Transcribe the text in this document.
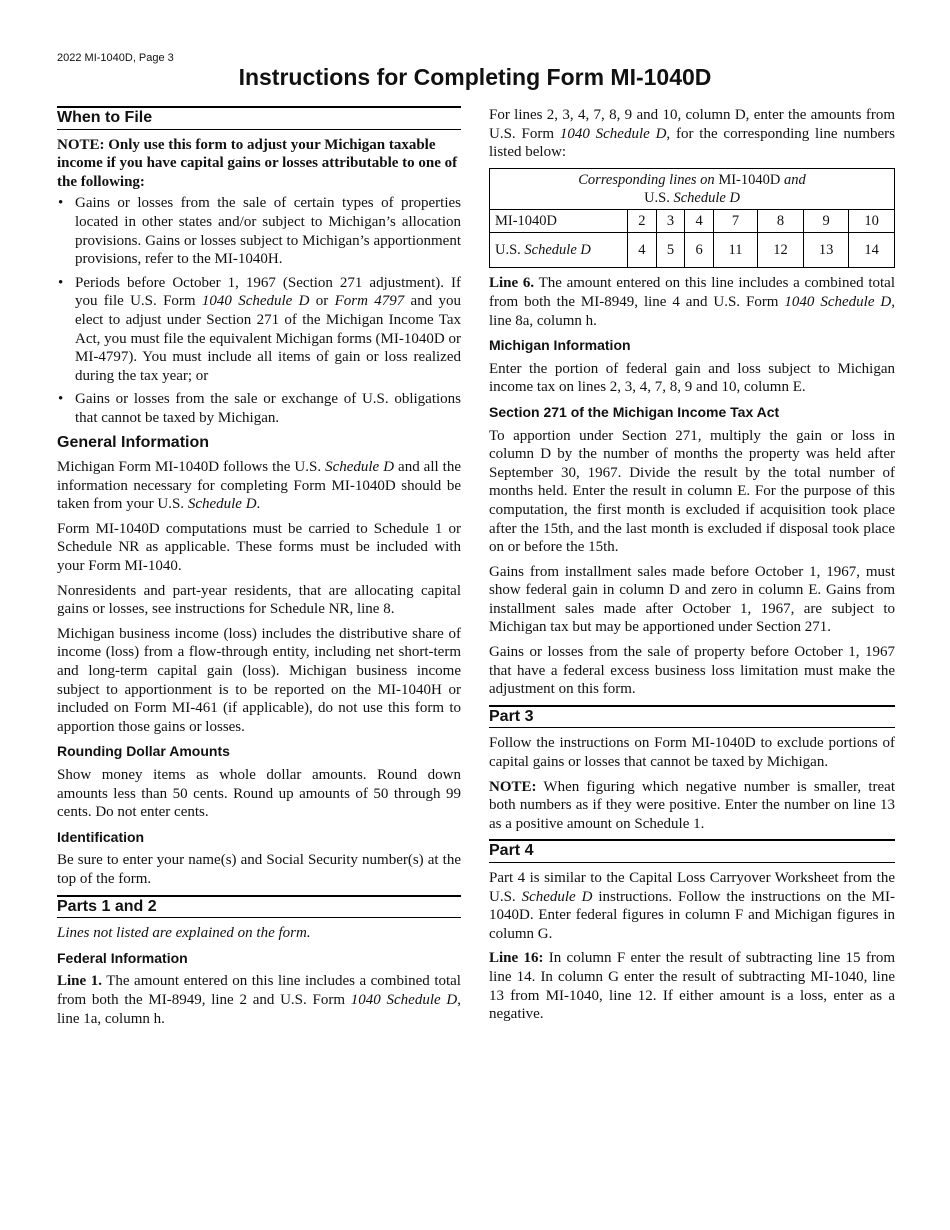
2022 MI-1040D, Page 3
Instructions for Completing Form MI-1040D
When to File

NOTE: Only use this form to adjust your Michigan taxable income if you have capital gains or losses attributable to one of the following:

• Gains or losses from the sale of certain types of properties located in other states and/or subject to Michigan’s allocation provisions. Gains or losses subject to Michigan’s apportionment provisions, refer to the MI-1040H.
• Periods before October 1, 1967 (Section 271 adjustment). If you file U.S. Form 1040 Schedule D or Form 4797 and you elect to adjust under Section 271 of the Michigan Income Tax Act, you must file the equivalent Michigan forms (MI-1040D or MI-4797). You must include all items of gain or loss realized during the tax year; or
• Gains or losses from the sale or exchange of U.S. obligations that cannot be taxed by Michigan.
General Information

Michigan Form MI-1040D follows the U.S. Schedule D and all the information necessary for completing Form MI-1040D should be taken from your U.S. Schedule D.

Form MI-1040D computations must be carried to Schedule 1 or Schedule NR as applicable. These forms must be included with your Form MI-1040.

Nonresidents and part-year residents, that are allocating capital gains or losses, see instructions for Schedule NR, line 8.

Michigan business income (loss) includes the distributive share of income (loss) from a flow-through entity, including net short-term and long-term capital gain (loss). Michigan business income subject to apportionment is to be reported on the MI-1040H or included on Form MI-461 (if applicable), do not use this form to apportion those gains or losses.

Rounding Dollar Amounts

Show money items as whole dollar amounts. Round down amounts less than 50 cents. Round up amounts of 50 through 99 cents. Do not enter cents.

Identification

Be sure to enter your name(s) and Social Security number(s) at the top of the form.

Parts 1 and 2

Lines not listed are explained on the form.

Federal Information

Line 1. The amount entered on this line includes a combined total from both the MI-8949, line 2 and U.S. Form 1040 Schedule D, line 1a, column h.

For lines 2, 3, 4, 7, 8, 9 and 10, column D, enter the amounts from U.S. Form 1040 Schedule D, for the corresponding line numbers listed below:

Corresponding lines on MI-1040D and
U.S. Schedule D							
MI-1040D	2	3	4	7	8	9	10
U.S. Schedule D	4	5	6	11	12	13	14

Line 6. The amount entered on this line includes a combined total from both the MI-8949, line 4 and U.S. Form 1040 Schedule D, line 8a, column h.

Michigan Information

Enter the portion of federal gain and loss subject to Michigan income tax on lines 2, 3, 4, 7, 8, 9 and 10, column E.

Section 271 of the Michigan Income Tax Act

To apportion under Section 271, multiply the gain or loss in column D by the number of months the property was held after September 30, 1967. Divide the result by the total number of months held. Enter the result in column E. For the purpose of this computation, the first month is excluded if acquisition took place after the 15th, and the last month is excluded if disposal took place on or before the 15th.

Gains from installment sales made before October 1, 1967, must show federal gain in column D and zero in column E. Gains from installment sales made after October 1, 1967, are subject to Michigan tax but may be apportioned under Section 271.

Gains or losses from the sale of property before October 1, 1967 that have a federal excess business loss limitation must make the adjustment on this form.

Part 3

Follow the instructions on Form MI-1040D to exclude portions of capital gains or losses that cannot be taxed by Michigan.

NOTE: When figuring which negative number is smaller, treat both numbers as if they were positive. Enter the number on line 13 as a positive amount on Schedule 1.

Part 4

Part 4 is similar to the Capital Loss Carryover Worksheet from the U.S. Schedule D instructions. Follow the instructions on the MI-1040D. Enter federal figures in column F and Michigan figures in column G.

Line 16: In column F enter the result of subtracting line 15 from line 14. In column G enter the result of subtracting MI-1040, line 13 from MI-1040, line 12. If either amount is a loss, enter as a negative.
